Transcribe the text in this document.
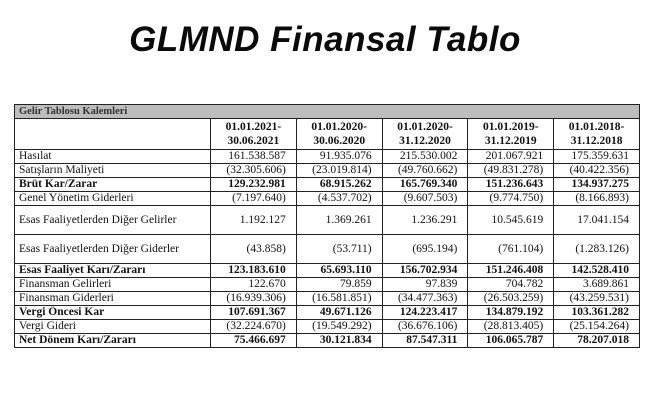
GLMND Finansal Tablo
Gelir Tablosu Kalemleri					
	01.01.2021-30.06.2021	01.01.2020-30.06.2020	01.01.2020-31.12.2020	01.01.2019-31.12.2019	01.01.2018-31.12.2018
Hasılat	161.538.587	91.935.076	215.530.002	201.067.921	175.359.631
Satışların Maliyeti	(32.305.606)	(23.019.814)	(49.760.662)	(49.831.278)	(40.422.356)
Brüt Kar/Zarar	129.232.981	68.915.262	165.769.340	151.236.643	134.937.275
Genel Yönetim Giderleri	(7.197.640)	(4.537.702)	(9.607.503)	(9.774.750)	(8.166.893)
Esas Faaliyetlerden Diğer Gelirler	1.192.127	1.369.261	1.236.291	10.545.619	17.041.154
Esas Faaliyetlerden Diğer Giderler	(43.858)	(53.711)	(695.194)	(761.104)	(1.283.126)
Esas Faaliyet Karı/Zararı	123.183.610	65.693.110	156.702.934	151.246.408	142.528.410
Finansman Gelirleri	122.670	79.859	97.839	704.782	3.689.861
Finansman Giderleri	(16.939.306)	(16.581.851)	(34.477.363)	(26.503.259)	(43.259.531)
Vergi Öncesi Kar	107.691.367	49.671.126	124.223.417	134.879.192	103.361.282
Vergi Gideri	(32.224.670)	(19.549.292)	(36.676.106)	(28.813.405)	(25.154.264)
Net Dönem Karı/Zararı	75.466.697	30.121.834	87.547.311	106.065.787	78.207.018
